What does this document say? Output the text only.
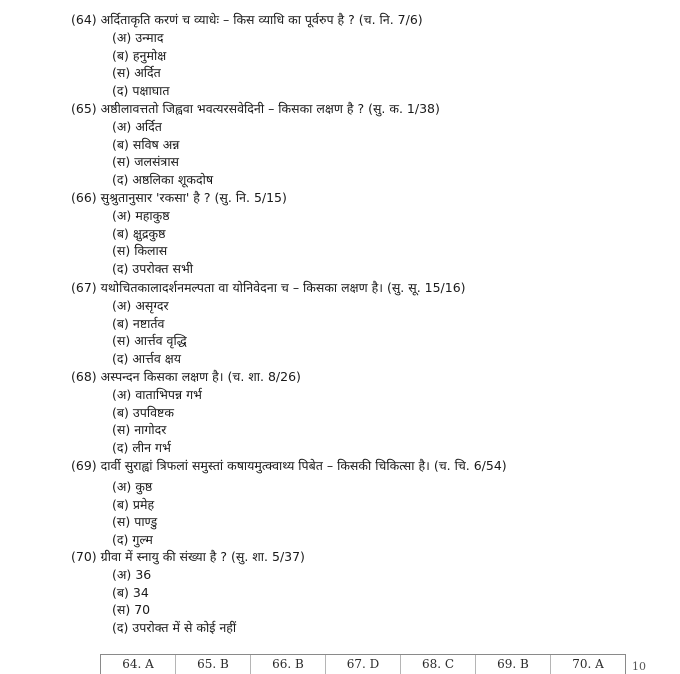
(64) अर्दिताकृति करणं च व्याधेः – किस व्याधि का पूर्वरुप है ? (च. नि. 7/6)
(अ) उन्माद
(ब) हनुमोक्ष
(स) अर्दित
(द) पक्षाघात
(65) अष्ठीलावत्ततो जिह्ववा भवत्यरसवेदिनी – किसका लक्षण है ? (सु. क. 1/38)
(अ) अर्दित
(ब) सविष अन्न
(स) जलसंत्रास
(द) अष्ठलिका शूकदोष
(66) सुश्रुतानुसार 'रकसा' है ? (सु. नि. 5/15)
(अ) महाकुष्ठ
(ब) क्षुद्रकुष्ठ
(स) किलास
(द) उपरोक्त सभी
(67) यथोचितकालादर्शनमल्पता वा योनिवेदना च – किसका लक्षण है। (सु. सू. 15/16)
(अ) असृग्दर
(ब) नष्टार्तव
(स) आर्त्तव वृद्धि
(द) आर्त्तव क्षय
(68) अस्पन्दन किसका लक्षण है। (च. शा. 8/26)
(अ) वाताभिपन्न गर्भ
(ब) उपविष्टक
(स) नागोदर
(द) लीन गर्भ
(69) दार्वी सुराह्वां त्रिफलां समुस्तां कषायमुत्क्वाथ्य पिबेत – किसकी चिकित्सा है। (च. चि. 6/54)
(अ) कुष्ठ
(ब) प्रमेह
(स) पाण्डु
(द) गुल्म
(70) ग्रीवा में स्नायु की संख्या है ? (सु. शा. 5/37)
(अ) 36
(ब) 34
(स) 70
(द) उपरोक्त में से कोई नहीं
64. A	65. B	66. B	67. D	68. C	69. B	70. A	10
